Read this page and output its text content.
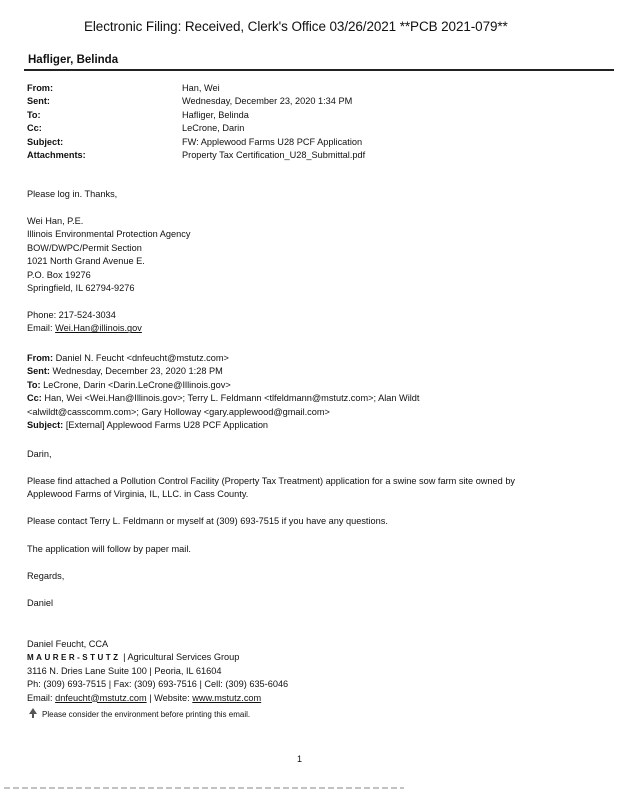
Electronic Filing: Received, Clerk's Office 03/26/2021 **PCB 2021-079**
Hafliger, Belinda
From:
Sent:
To:
Cc:
Subject:
Attachments:
Han, Wei
Wednesday, December 23, 2020 1:34 PM
Hafliger, Belinda
LeCrone, Darin
FW: Applewood Farms U28 PCF Application
Property Tax Certification_U28_Submittal.pdf
Please log in. Thanks,
Wei Han, P.E.
Illinois Environmental Protection Agency
BOW/DWPC/Permit Section
1021 North Grand Avenue E.
P.O. Box 19276
Springfield, IL 62794-9276
Phone: 217-524-3034
Email: Wei.Han@illinois.gov
From: Daniel N. Feucht <dnfeucht@mstutz.com>
Sent: Wednesday, December 23, 2020 1:28 PM
To: LeCrone, Darin <Darin.LeCrone@Illinois.gov>
Cc: Han, Wei <Wei.Han@Illinois.gov>; Terry L. Feldmann <tlfeldmann@mstutz.com>; Alan Wildt
<alwildt@casscomm.com>; Gary Holloway <gary.applewood@gmail.com>
Subject: [External] Applewood Farms U28 PCF Application
Darin,
Please find attached a Pollution Control Facility (Property Tax Treatment) application for a swine sow farm site owned by
Applewood Farms of Virginia, IL, LLC. in Cass County.
Please contact Terry L. Feldmann or myself at (309) 693-7515 if you have any questions.
The application will follow by paper mail.
Regards,
Daniel
Daniel Feucht, CCA
MAURER-STUTZ | Agricultural Services Group
3116 N. Dries Lane Suite 100 | Peoria, IL 61604
Ph: (309) 693-7515 | Fax: (309) 693-7516 | Cell: (309) 635-6046
Email: dnfeucht@mstutz.com | Website: www.mstutz.com
Please consider the environment before printing this email.
1
